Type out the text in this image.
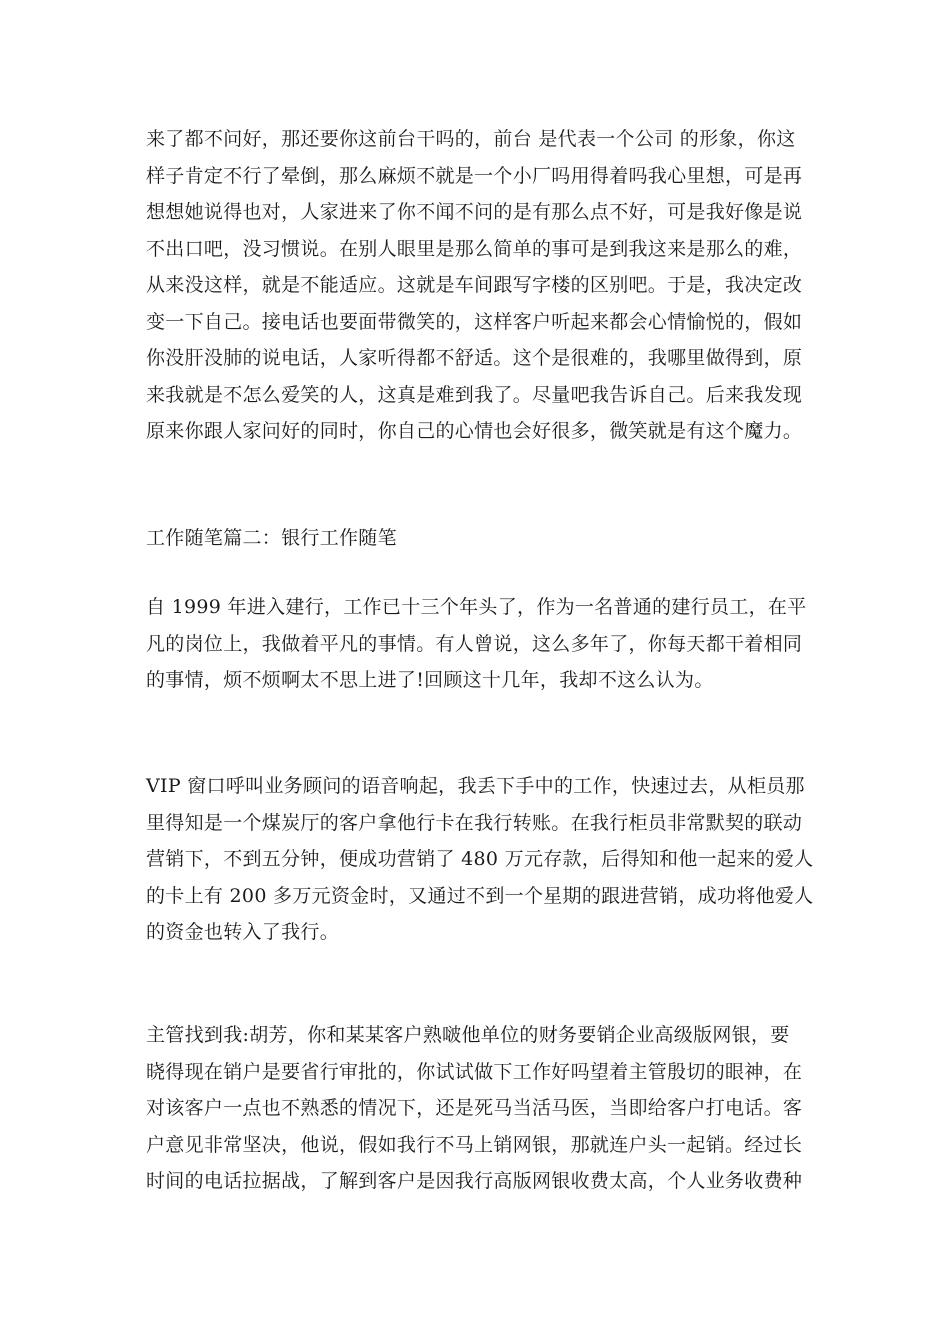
来了都不问好，那还要你这前台干吗的，前台 是代表一个公司 的形象，你这
样子肯定不行了晕倒，那么麻烦不就是一个小厂吗用得着吗我心里想，可是再
想想她说得也对，人家进来了你不闻不问的是有那么点不好，可是我好像是说
不出口吧，没习惯说。在别人眼里是那么简单的事可是到我这来是那么的难，
从来没这样，就是不能适应。这就是车间跟写字楼的区别吧。于是，我决定改
变一下自己。接电话也要面带微笑的，这样客户听起来都会心情愉悦的，假如
你没肝没肺的说电话，人家听得都不舒适。这个是很难的，我哪里做得到，原
来我就是不怎么爱笑的人，这真是难到我了。尽量吧我告诉自己。后来我发现
原来你跟人家问好的同时，你自己的心情也会好很多，微笑就是有这个魔力。
工作随笔篇二：银行工作随笔
自 1999 年进入建行，工作已十三个年头了，作为一名普通的建行员工，在平
凡的岗位上，我做着平凡的事情。有人曾说，这么多年了，你每天都干着相同
的事情，烦不烦啊太不思上进了!回顾这十几年，我却不这么认为。
VIP 窗口呼叫业务顾问的语音响起，我丢下手中的工作，快速过去，从柜员那
里得知是一个煤炭厅的客户拿他行卡在我行转账。在我行柜员非常默契的联动
营销下，不到五分钟，便成功营销了 480 万元存款，后得知和他一起来的爱人
的卡上有 200 多万元资金时，又通过不到一个星期的跟进营销，成功将他爱人
的资金也转入了我行。
主管找到我:胡芳，你和某某客户熟啵他单位的财务要销企业高级版网银，要
晓得现在销户是要省行审批的，你试试做下工作好吗望着主管殷切的眼神，在
对该客户一点也不熟悉的情况下，还是死马当活马医，当即给客户打电话。客
户意见非常坚决，他说，假如我行不马上销网银，那就连户头一起销。经过长
时间的电话拉据战，了解到客户是因我行高版网银收费太高，个人业务收费种
